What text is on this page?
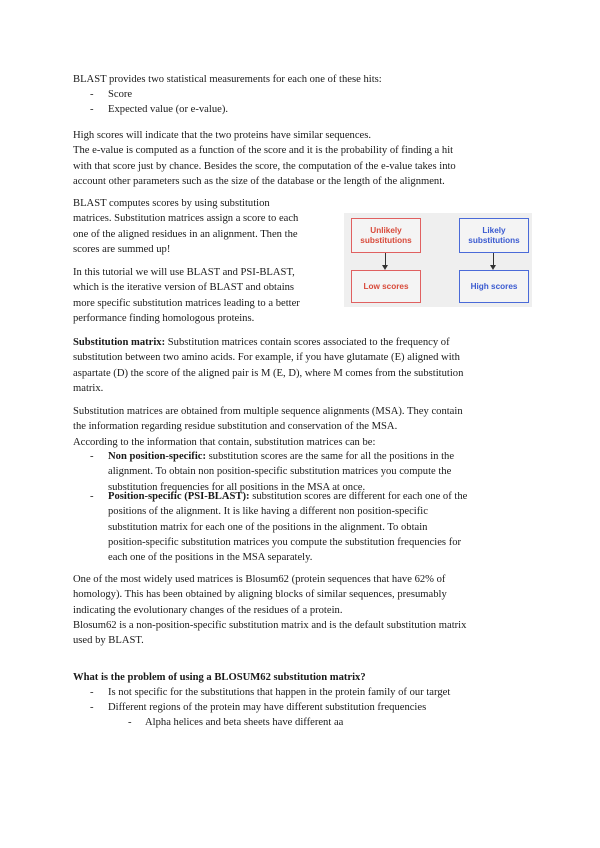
BLAST provides two statistical measurements for each one of these hits:
- Score
- Expected value (or e-value).
High scores will indicate that the two proteins have similar sequences.
The e-value is computed as a function of the score and it is the probability of finding a hit
with that score just by chance. Besides the score, the computation of the e-value takes into
account other parameters such as the size of the database or the length of the alignment.
BLAST computes scores by using substitution
matrices. Substitution matrices assign a score to each
one of the aligned residues in an alignment. Then the
scores are summed up!
In this tutorial we will use BLAST and PSI-BLAST,
which is the iterative version of BLAST and obtains
more specific substitution matrices leading to a better
performance finding homologous proteins.
Unlikely
substitutions
Likely
substitutions
Low scores	High scores
Substitution matrix: Substitution matrices contain scores associated to the frequency of
substitution between two amino acids. For example, if you have glutamate (E) aligned with
aspartate (D) the score of the aligned pair is M (E, D), where M comes from the substitution
matrix.
Substitution matrices are obtained from multiple sequence alignments (MSA). They contain
the information regarding residue substitution and conservation of the MSA.
According to the information that contain, substitution matrices can be:
- Non position-specific: substitution scores are the same for all the positions in the
alignment. To obtain non position-specific substitution matrices you compute the
substitution frequencies for all positions in the MSA at once.
- Position-specific (PSI-BLAST): substitution scores are different for each one of the
positions of the alignment. It is like having a different non position-specific
substitution matrix for each one of the positions in the alignment. To obtain
position-specific substitution matrices you compute the substitution frequencies for
each one of the positions in the MSA separately.
One of the most widely used matrices is Blosum62 (protein sequences that have 62% of
homology). This has been obtained by aligning blocks of similar sequences, presumably
indicating the evolutionary changes of the residues of a protein.
Blosum62 is a non-position-specific substitution matrix and is the default substitution matrix
used by BLAST.
What is the problem of using a BLOSUM62 substitution matrix?
- Is not specific for the substitutions that happen in the protein family of our target
- Different regions of the protein may have different substitution frequencies
- Alpha helices and beta sheets have different aa
